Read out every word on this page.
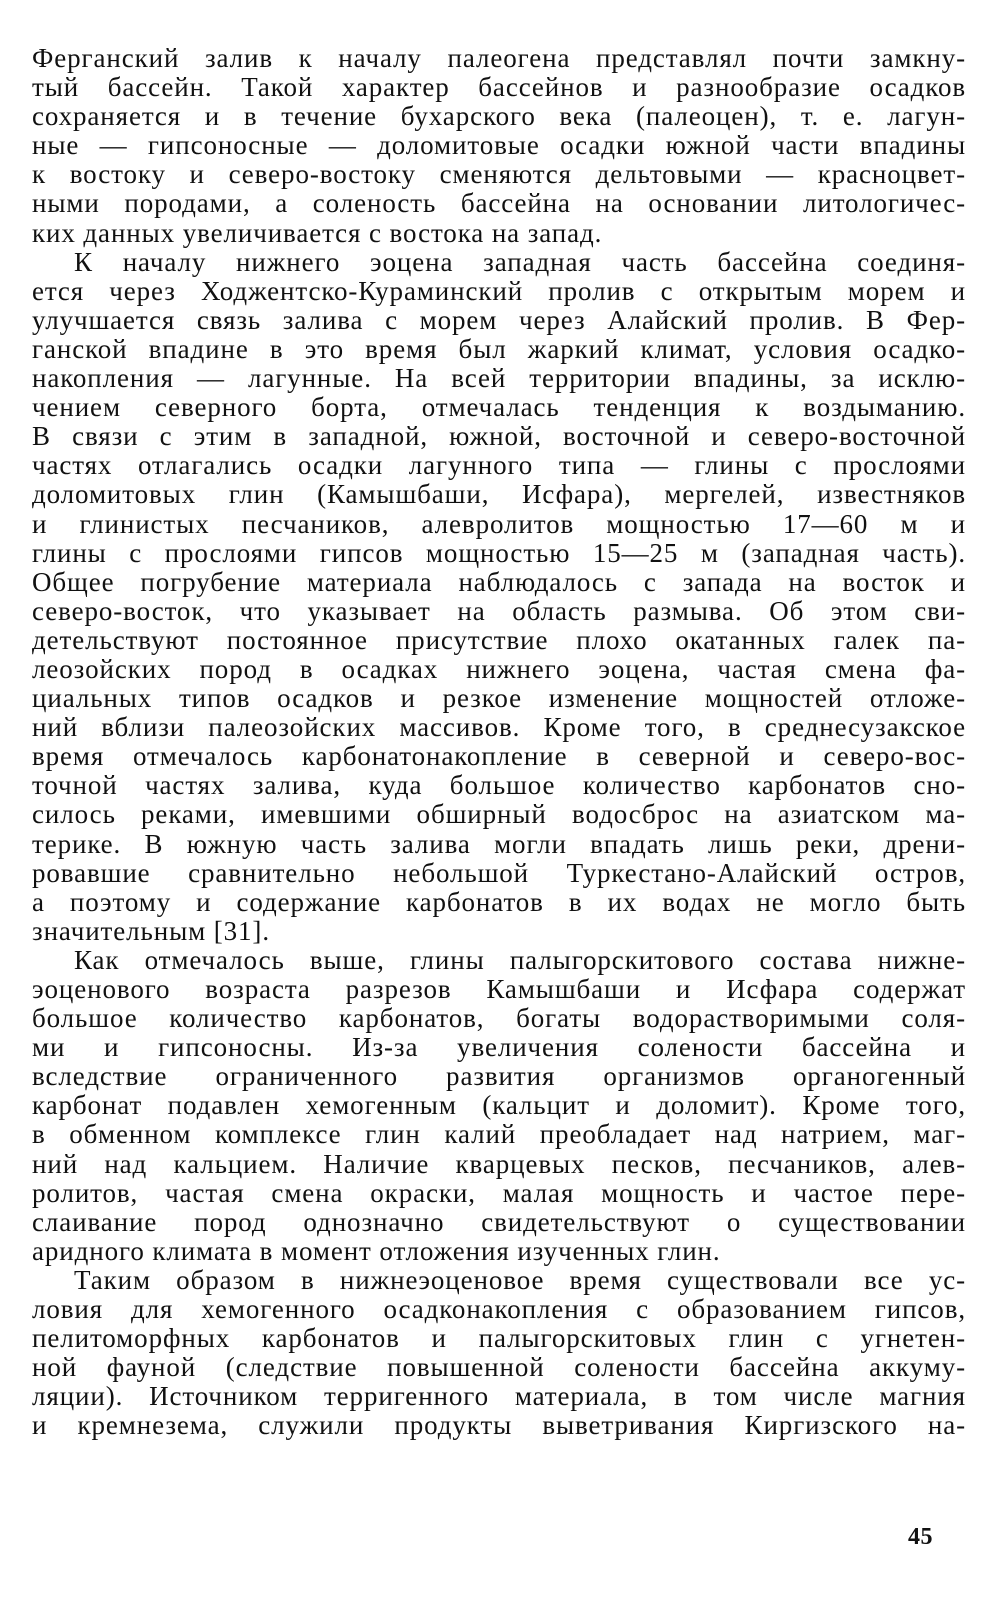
Ферганский залив к началу палеогена представлял почти замкну-
тый бассейн. Такой характер бассейнов и разнообразие осадков
сохраняется и в течение бухарского века (палеоцен), т. е. лагун-
ные — гипсоносные — доломитовые осадки южной части впадины
к востоку и северо-востоку сменяются дельтовыми — красноцвет-
ными породами, а соленость бассейна на основании литологичес-
ких данных увеличивается с востока на запад.
К началу нижнего эоцена западная часть бассейна соединя-
ется через Ходжентско-Кураминский пролив с открытым морем и
улучшается связь залива с морем через Алайский пролив. В Фер-
ганской впадине в это время был жаркий климат, условия осадко-
накопления — лагунные. На всей территории впадины, за исклю-
чением северного борта, отмечалась тенденция к воздыманию.
В связи с этим в западной, южной, восточной и северо-восточной
частях отлагались осадки лагунного типа — глины с прослоями
доломитовых глин (Камышбаши, Исфара), мергелей, известняков
и глинистых песчаников, алевролитов мощностью 17—60 м и
глины с прослоями гипсов мощностью 15—25 м (западная часть).
Общее погрубение материала наблюдалось с запада на восток и
северо-восток, что указывает на область размыва. Об этом сви-
детельствуют постоянное присутствие плохо окатанных галек па-
леозойских пород в осадках нижнего эоцена, частая смена фа-
циальных типов осадков и резкое изменение мощностей отложе-
ний вблизи палеозойских массивов. Кроме того, в среднесузакское
время отмечалось карбонатонакопление в северной и северо-вос-
точной частях залива, куда большое количество карбонатов сно-
силось реками, имевшими обширный водосброс на азиатском ма-
терике. В южную часть залива могли впадать лишь реки, дрени-
ровавшие сравнительно небольшой Туркестано-Алайский остров,
а поэтому и содержание карбонатов в их водах не могло быть
значительным [31].
Как отмечалось выше, глины палыгорскитового состава нижне-
эоценового возраста разрезов Камышбаши и Исфара содержат
большое количество карбонатов, богаты водорастворимыми соля-
ми и гипсоносны. Из-за увеличения солености бассейна и
вследствие ограниченного развития организмов органогенный
карбонат подавлен хемогенным (кальцит и доломит). Кроме того,
в обменном комплексе глин калий преобладает над натрием, маг-
ний над кальцием. Наличие кварцевых песков, песчаников, алев-
ролитов, частая смена окраски, малая мощность и частое пере-
слаивание пород однозначно свидетельствуют о существовании
аридного климата в момент отложения изученных глин.
Таким образом в нижнеэоценовое время существовали все ус-
ловия для хемогенного осадконакопления с образованием гипсов,
пелитоморфных карбонатов и палыгорскитовых глин с угнетен-
ной фауной (следствие повышенной солености бассейна аккуму-
ляции). Источником терригенного материала, в том числе магния
и кремнезема, служили продукты выветривания Киргизского на-
45
